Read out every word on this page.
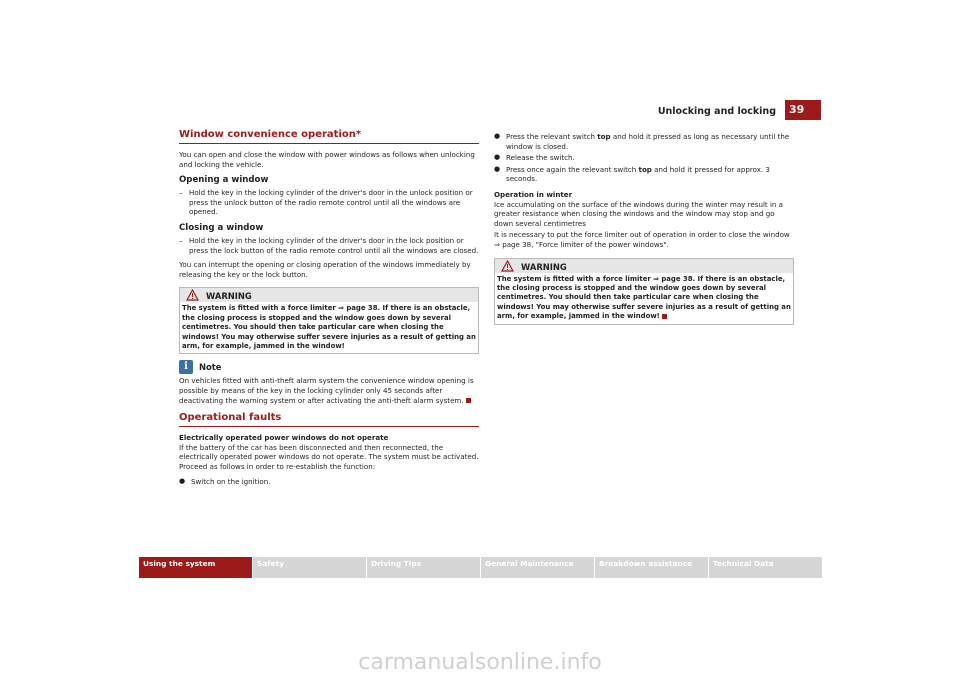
Unlocking and locking	39
Window convenience operation*

You can open and close the window with power windows as follows when unlocking and locking the vehicle.

Opening a window
– Hold the key in the locking cylinder of the driver's door in the unlock position or press the unlock button of the radio remote control until all the windows are opened.
Closing a window
– Hold the key in the locking cylinder of the driver's door in the lock position or press the lock button of the radio remote control until all the windows are closed.

You can interrupt the opening or closing operation of the windows immediately by releasing the key or the lock button.

WARNING
The system is fitted with a force limiter ⇒ page 38. If there is an obstacle, the closing process is stopped and the window goes down by several centimetres. You should then take particular care when closing the windows! You may otherwise suffer severe injuries as a result of getting an arm, for example, jammed in the window!
i	Note

On vehicles fitted with anti-theft alarm system the convenience window opening is possible by means of the key in the locking cylinder only 45 seconds after deactivating the warning system or after activating the anti-theft alarm system.

Operational faults
Electrically operated power windows do not operate

If the battery of the car has been disconnected and then reconnected, the electrically operated power windows do not operate. The system must be activated. Proceed as follows in order to re-establish the function:

● Switch on the ignition.
● Press the relevant switch top and hold it pressed as long as necessary until the window is closed.
● Release the switch.
● Press once again the relevant switch top and hold it pressed for approx. 3 seconds.
Operation in winter

Ice accumulating on the surface of the windows during the winter may result in a greater resistance when closing the windows and the window may stop and go down several centimetres

It is necessary to put the force limiter out of operation in order to close the window ⇒ page 38, "Force limiter of the power windows".

WARNING
The system is fitted with a force limiter ⇒ page 38. If there is an obstacle, the closing process is stopped and the window goes down by several centimetres. You should then take particular care when closing the windows! You may otherwise suffer severe injuries as a result of getting an arm, for example, jammed in the window!
Using the system	Safety	Driving Tips	General Maintenance	Breakdown assistance	Technical Data
carmanualsonline.info
